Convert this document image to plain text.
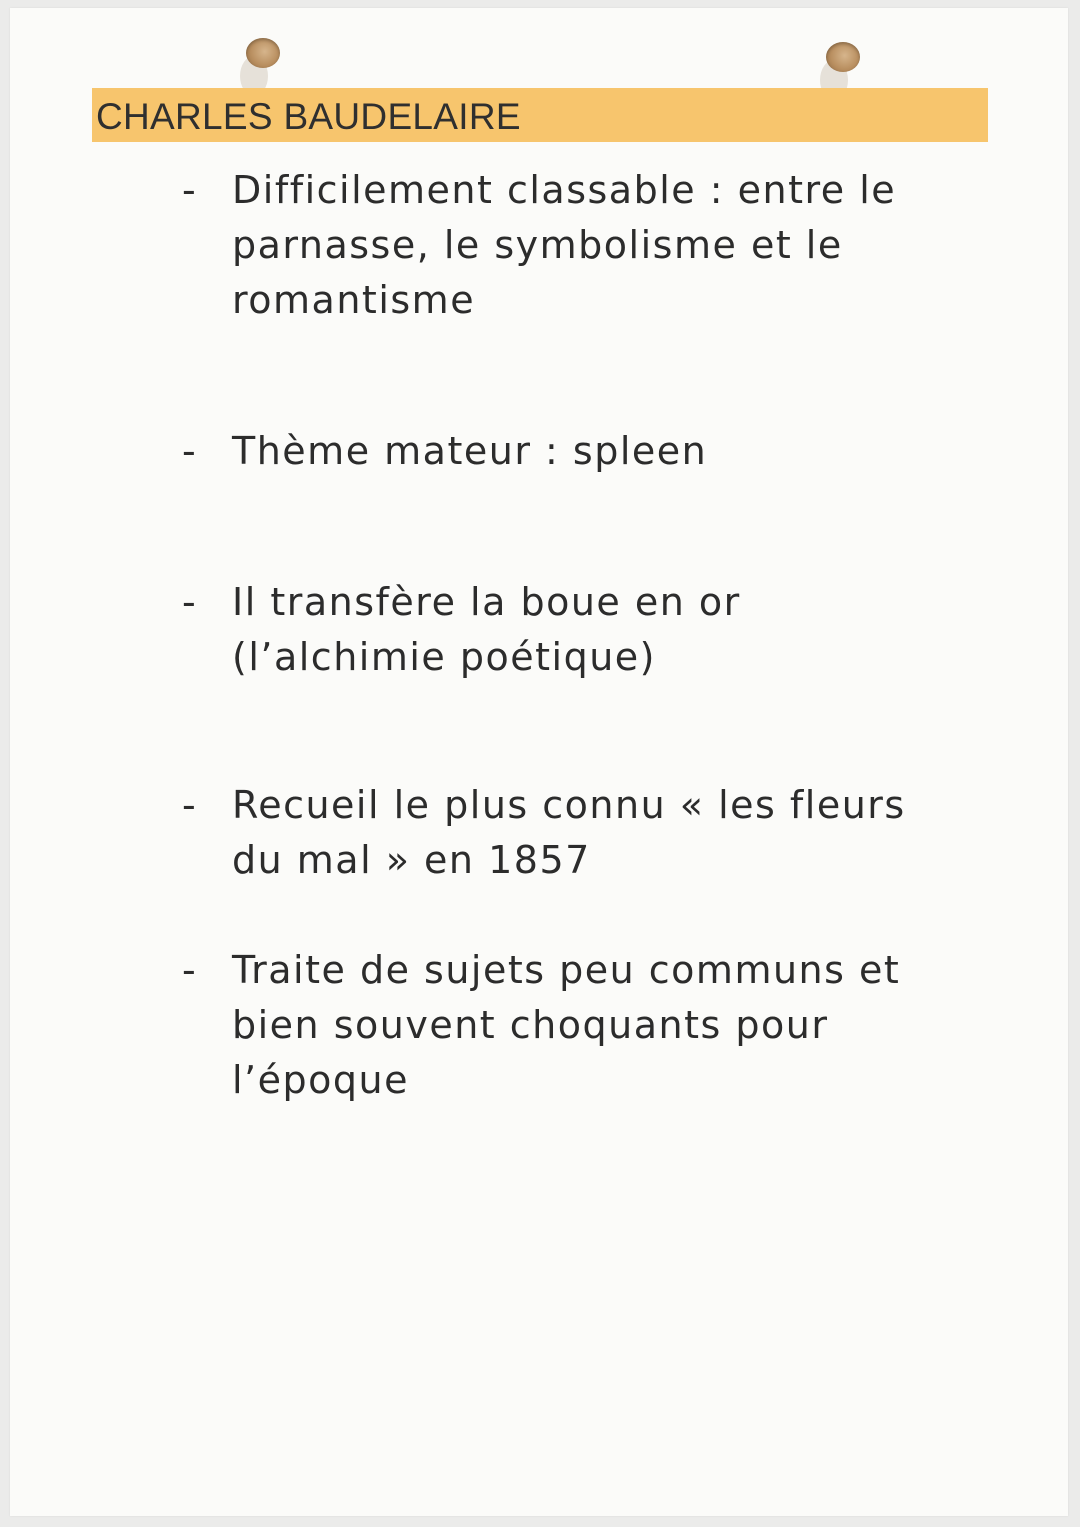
CHARLES BAUDELAIRE
- Difficilement classable : entre le
parnasse, le symbolisme et le
romantisme
- Thème mateur : spleen
- Il transfère la boue en or
(l’alchimie poétique)
- Recueil le plus connu « les fleurs
du mal » en 1857
- Traite de sujets peu communs et
bien souvent choquants pour
l’époque
